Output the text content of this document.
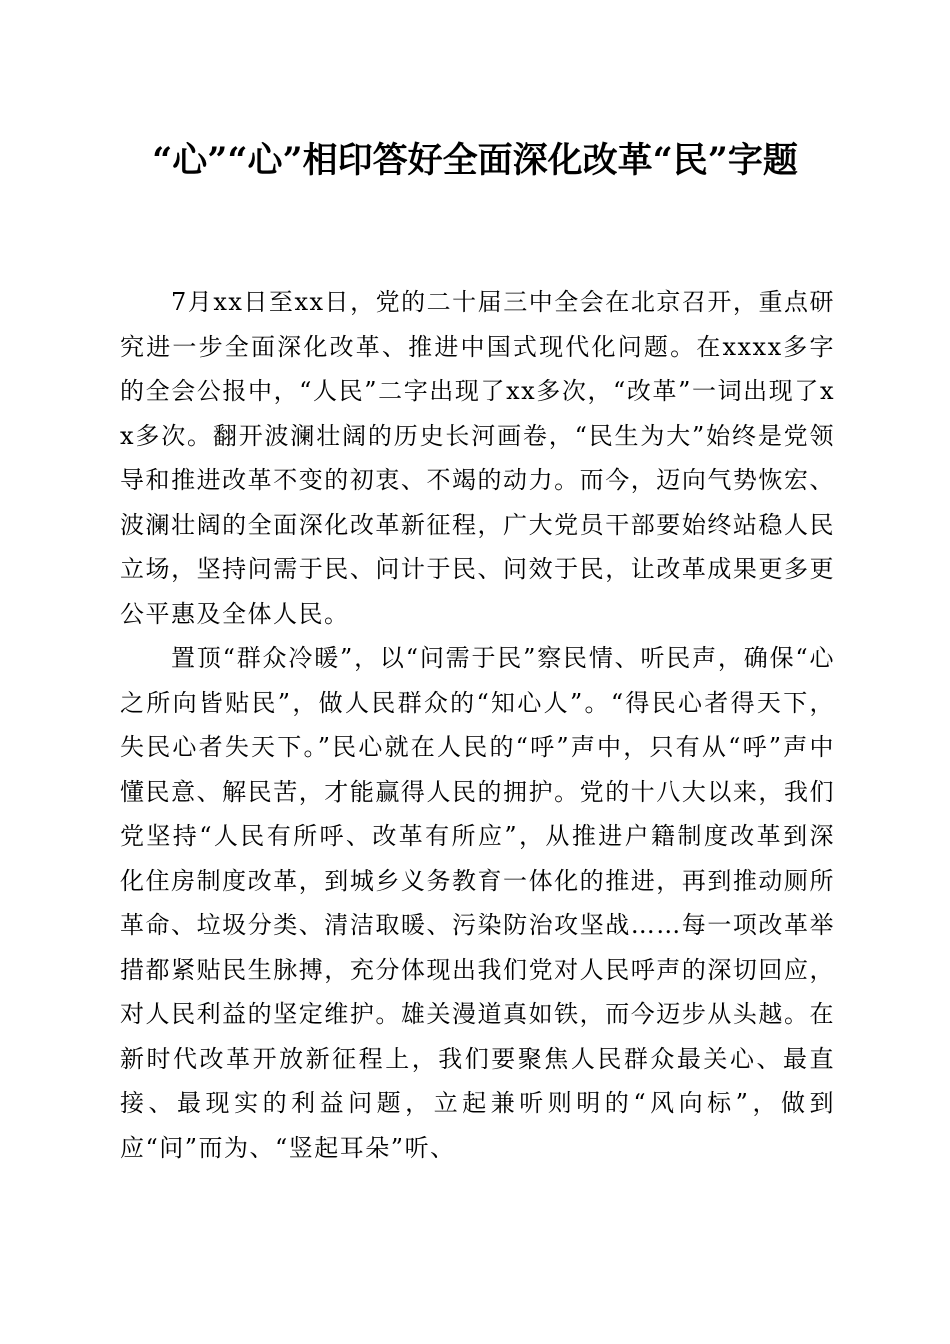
“心”“心”相印答好全面深化改革“民”字题

7月xx日至xx日，党的二十届三中全会在北京召开，重点研究进一步全面深化改革、推进中国式现代化问题。在xxxx多字的全会公报中，“人民”二字出现了xx多次，“改革”一词出现了xx多次。翻开波澜壮阔的历史长河画卷，“民生为大”始终是党领导和推进改革不变的初衷、不竭的动力。而今，迈向气势恢宏、波澜壮阔的全面深化改革新征程，广大党员干部要始终站稳人民立场，坚持问需于民、问计于民、问效于民，让改革成果更多更公平惠及全体人民。

置顶“群众冷暖”，以“问需于民”察民情、听民声，确保“心之所向皆贴民”，做人民群众的“知心人”。“得民心者得天下，失民心者失天下。”民心就在人民的“呼”声中，只有从“呼”声中懂民意、解民苦，才能赢得人民的拥护。党的十八大以来，我们党坚持“人民有所呼、改革有所应”，从推进户籍制度改革到深化住房制度改革，到城乡义务教育一体化的推进，再到推动厕所革命、垃圾分类、清洁取暖、污染防治攻坚战……每一项改革举措都紧贴民生脉搏，充分体现出我们党对人民呼声的深切回应，对人民利益的坚定维护。雄关漫道真如铁，而今迈步从头越。在新时代改革开放新征程上，我们要聚焦人民群众最关心、最直接、最现实的利益问题，立起兼听则明的“风向标”，做到应“问”而为、“竖起耳朵”听、
